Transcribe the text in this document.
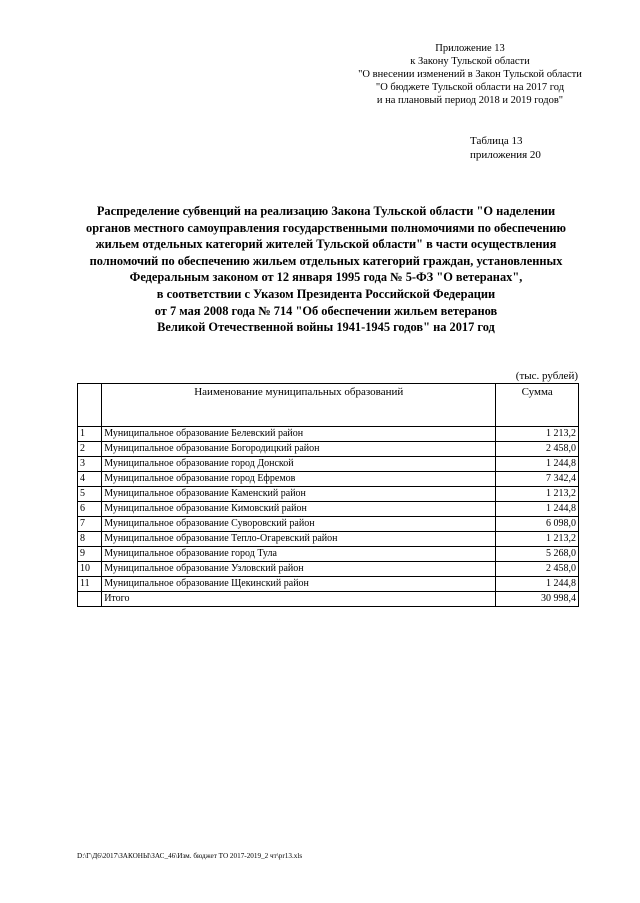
Приложение 13
к Закону Тульской области
"О внесении изменений в Закон Тульской области
"О бюджете Тульской области на 2017 год
и на плановый период 2018 и 2019 годов"
Таблица 13
приложения 20
Распределение субвенций на реализацию Закона Тульской области "О наделении
органов местного самоуправления государственными полномочиями по обеспечению
жильем отдельных категорий жителей Тульской области" в части осуществления
полномочий по обеспечению жильем отдельных категорий граждан, установленных
Федеральным законом от 12 января 1995 года № 5-ФЗ "О ветеранах",
в соответствии с Указом Президента Российской Федерации
от 7 мая 2008 года № 714 "Об обеспечении жильем ветеранов
Великой Отечественной войны 1941-1945 годов" на 2017 год
(тыс. рублей)
	Наименование муниципальных образований	Сумма
1	Муниципальное образование Белевский район	1 213,2
2	Муниципальное образование Богородицкий район	2 458,0
3	Муниципальное образование город Донской	1 244,8
4	Муниципальное образование город Ефремов	7 342,4
5	Муниципальное образование Каменский район	1 213,2
6	Муниципальное образование Кимовский район	1 244,8
7	Муниципальное образование Суворовский район	6 098,0
8	Муниципальное образование Тепло-Огаревский район	1 213,2
9	Муниципальное образование город Тула	5 268,0
10	Муниципальное образование Узловский район	2 458,0
11	Муниципальное образование Щекинский район	1 244,8
	Итого	30 998,4
D:\Г\Д6\2017\ЗАКОНЫ\ЗАС_46\Изм. бюджет ТО 2017-2019_2 чт\pr13.xls
